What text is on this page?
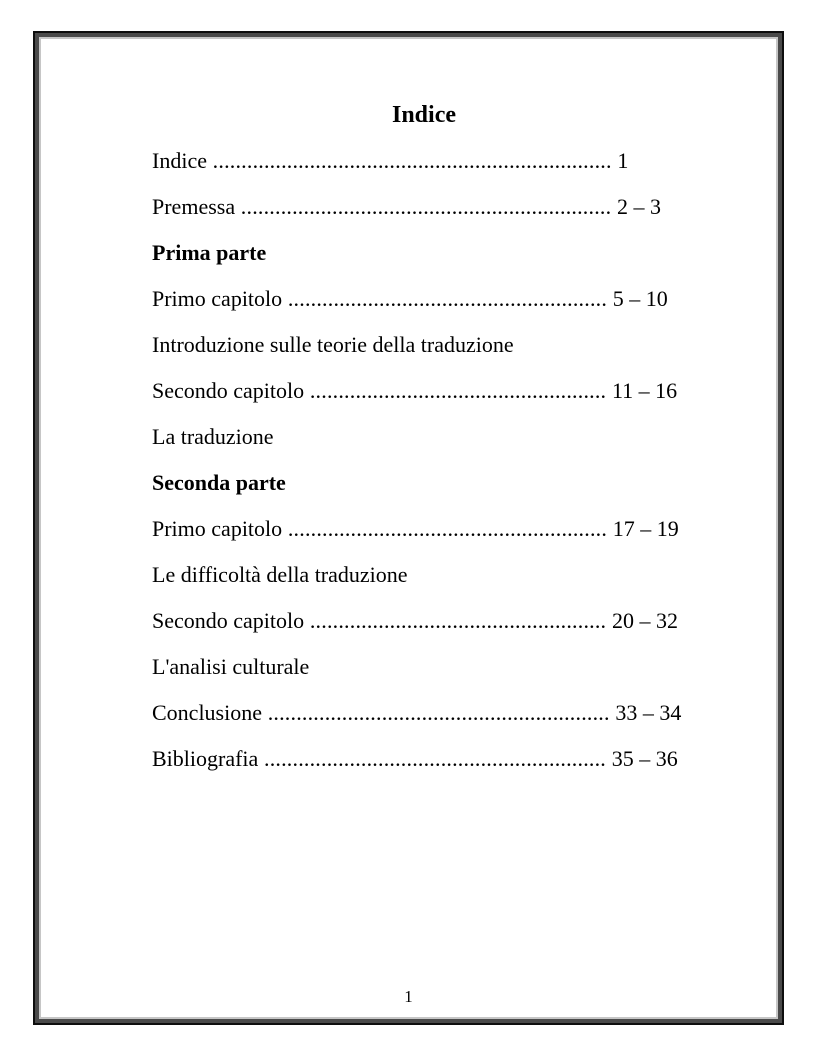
Indice
Indice ...................................................................... 1
Premessa ................................................................. 2 – 3
Prima parte
Primo capitolo ........................................................ 5 – 10
Introduzione sulle teorie della traduzione
Secondo capitolo .................................................... 11 – 16
La traduzione
Seconda parte
Primo capitolo ........................................................ 17 – 19
Le difficoltà della traduzione
Secondo capitolo .................................................... 20 – 32
L'analisi culturale
Conclusione ............................................................ 33 – 34
Bibliografia ............................................................ 35 – 36
1
